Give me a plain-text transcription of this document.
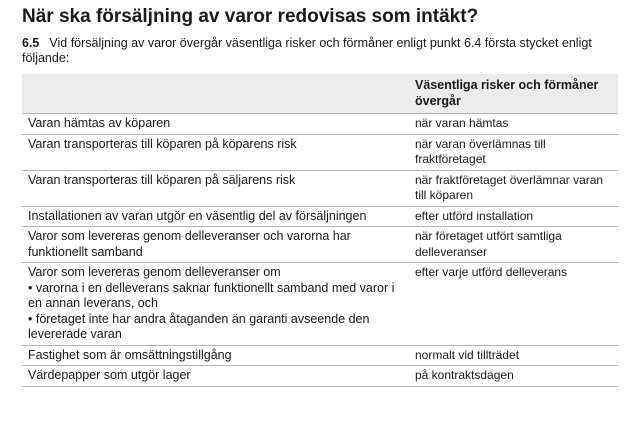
När ska försäljning av varor redovisas som intäkt?
6.5 Vid försäljning av varor övergår väsentliga risker och förmåner enligt punkt 6.4 första stycket enligt följande:
	Väsentliga risker och förmåner övergår

Varan hämtas av köparen	när varan hämtas

Varan transporteras till köparen på köparens risk	när varan överlämnas till fraktföretaget

Varan transporteras till köparen på säljarens risk	när fraktföretaget överlämnar varan till köparen

Installationen av varan utgör en väsentlig del av försäljningen	efter utförd installation

Varor som levereras genom delleveranser och varorna har funktionellt samband	när företaget utfört samtliga delleveranser

Varor som levereras genom delleveranser om
• varorna i en delleverans saknar funktionellt samband med varor i en annan leverans, och
• företaget inte har andra åtaganden än garanti avseende den levererade varan	efter varje utförd delleverans

Fastighet som är omsättningstillgång	normalt vid tillträdet

Värdepapper som utgör lager	på kontraktsdagen
